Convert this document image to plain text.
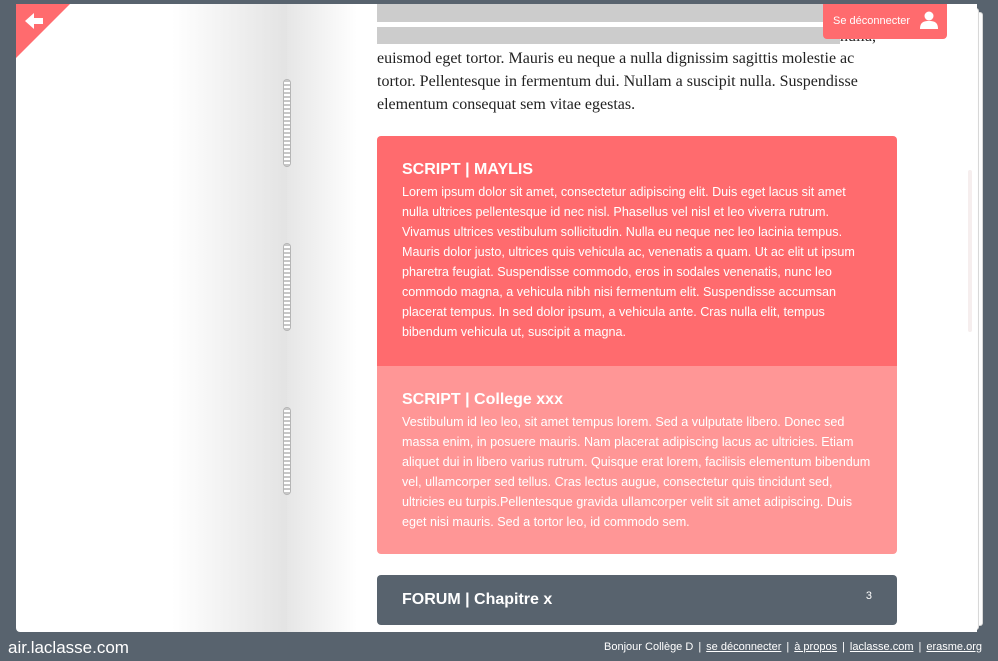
euismod eget tortor. Mauris eu neque a nulla dignissim sagittis molestie ac tortor. Pellentesque in fermentum dui. Nullam a suscipit nulla. Suspendisse elementum consequat sem vitae egestas.

SCRIPT | MAYLIS

Lorem ipsum dolor sit amet, consectetur adipiscing elit. Duis eget lacus sit amet nulla ultrices pellentesque id nec nisl. Phasellus vel nisl et leo viverra rutrum. Vivamus ultrices vestibulum sollicitudin. Nulla eu neque nec leo lacinia tempus. Mauris dolor justo, ultrices quis vehicula ac, venenatis a quam. Ut ac elit ut ipsum pharetra feugiat. Suspendisse commodo, eros in sodales venenatis, nunc leo commodo magna, a vehicula nibh nisi fermentum elit. Suspendisse accumsan placerat tempus. In sed dolor ipsum, a vehicula ante. Cras nulla elit, tempus bibendum vehicula ut, suscipit a magna.

SCRIPT | College xxx

Vestibulum id leo leo, sit amet tempus lorem. Sed a vulputate libero. Donec sed massa enim, in posuere mauris. Nam placerat adipiscing lacus ac ultricies. Etiam aliquet dui in libero varius rutrum. Quisque erat lorem, facilisis elementum bibendum vel, ullamcorper sed tellus. Cras lectus augue, consectetur quis tincidunt sed, ultricies eu turpis.Pellentesque gravida ullamcorper velit sit amet adipiscing. Duis eget nisi mauris. Sed a tortor leo, id commodo sem.

FORUM | Chapitre x	3
Se déconnecter
air.laclasse.com	Bonjour Collège D | se déconnecter | à propos | laclasse.com | erasme.org
